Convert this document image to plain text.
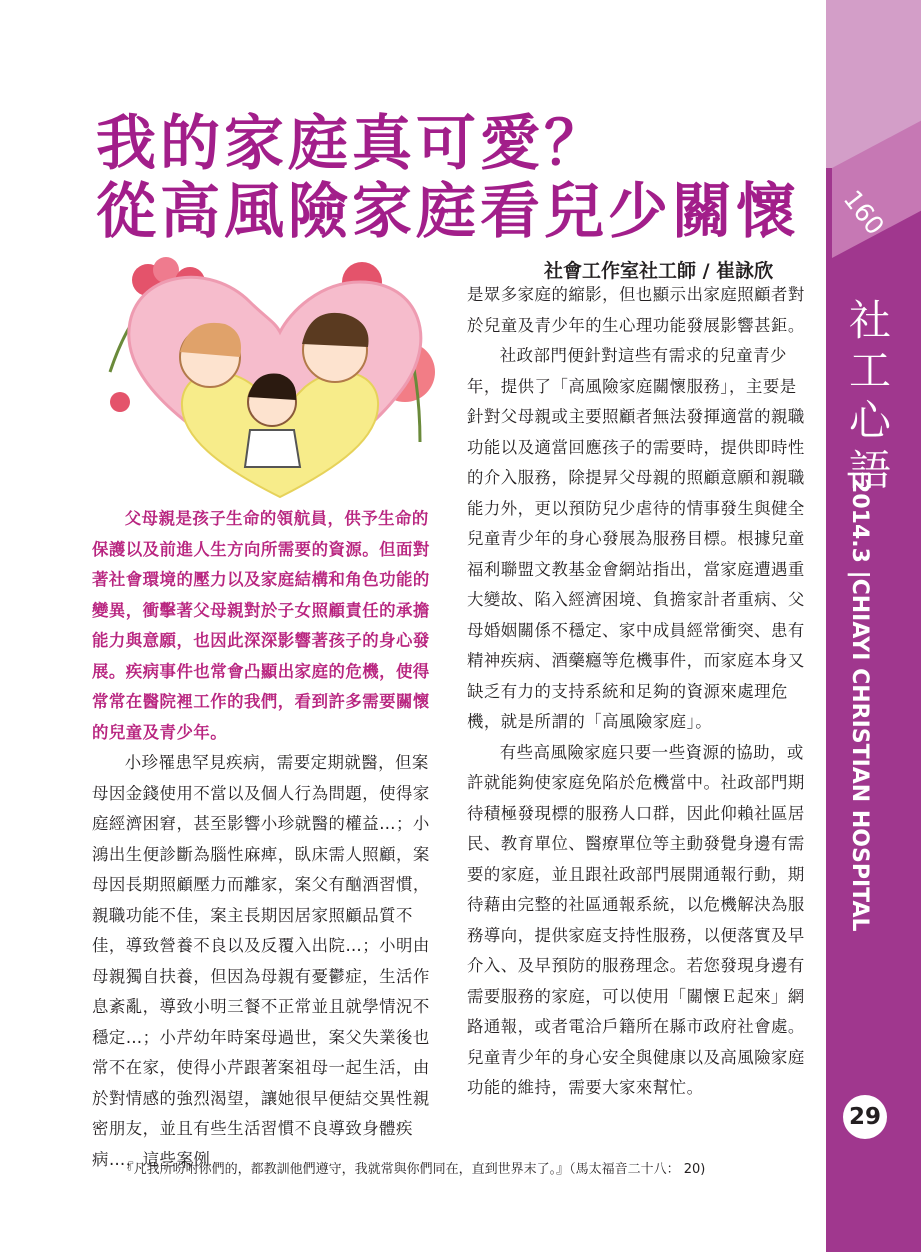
160
社工心語
|2014.3 |CHIAYI CHRISTIAN HOSPITAL
29
我的家庭真可愛？
從高風險家庭看兒少關懷
社會工作室社工師 / 崔詠欣

父母親是孩子生命的領航員，供予生命的保護以及前進人生方向所需要的資源。但面對著社會環境的壓力以及家庭結構和角色功能的變異，衝擊著父母親對於子女照顧責任的承擔能力與意願，也因此深深影響著孩子的身心發展。疾病事件也常會凸顯出家庭的危機，使得常常在醫院裡工作的我們，看到許多需要關懷的兒童及青少年。

小珍罹患罕見疾病，需要定期就醫，但案母因金錢使用不當以及個人行為問題，使得家庭經濟困窘，甚至影響小珍就醫的權益…；小鴻出生便診斷為腦性麻痺，臥床需人照顧，案母因長期照顧壓力而離家，案父有酗酒習慣，親職功能不佳，案主長期因居家照顧品質不佳，導致營養不良以及反覆入出院…；小明由母親獨自扶養，但因為母親有憂鬱症，生活作息紊亂，導致小明三餐不正常並且就學情況不穩定…；小芹幼年時案母過世，案父失業後也常不在家，使得小芹跟著案祖母一起生活，由於對情感的強烈渴望，讓她很早便結交異性親密朋友，並且有些生活習慣不良導致身體疾病…，這些案例

是眾多家庭的縮影，但也顯示出家庭照顧者對於兒童及青少年的生心理功能發展影響甚鉅。

社政部門便針對這些有需求的兒童青少年，提供了「高風險家庭關懷服務」，主要是針對父母親或主要照顧者無法發揮適當的親職功能以及適當回應孩子的需要時，提供即時性的介入服務，除提昇父母親的照顧意願和親職能力外，更以預防兒少虐待的情事發生與健全兒童青少年的身心發展為服務目標。根據兒童福利聯盟文教基金會網站指出，當家庭遭遇重大變故、陷入經濟困境、負擔家計者重病、父母婚姻關係不穩定、家中成員經常衝突、患有精神疾病、酒藥癮等危機事件，而家庭本身又缺乏有力的支持系統和足夠的資源來處理危機，就是所謂的「高風險家庭」。

有些高風險家庭只要一些資源的協助，或許就能夠使家庭免陷於危機當中。社政部門期待積極發現標的服務人口群，因此仰賴社區居民、教育單位、醫療單位等主動發覺身邊有需要的家庭，並且跟社政部門展開通報行動，期待藉由完整的社區通報系統，以危機解決為服務導向，提供家庭支持性服務，以便落實及早介入、及早預防的服務理念。若您發現身邊有需要服務的家庭，可以使用「關懷Ｅ起來」網路通報，或者電洽戶籍所在縣市政府社會處。兒童青少年的身心安全與健康以及高風險家庭功能的維持，需要大家來幫忙。

『凡我所吩咐你們的，都教訓他們遵守，我就常與你們同在，直到世界末了。』（馬太福音二十八： 20)
